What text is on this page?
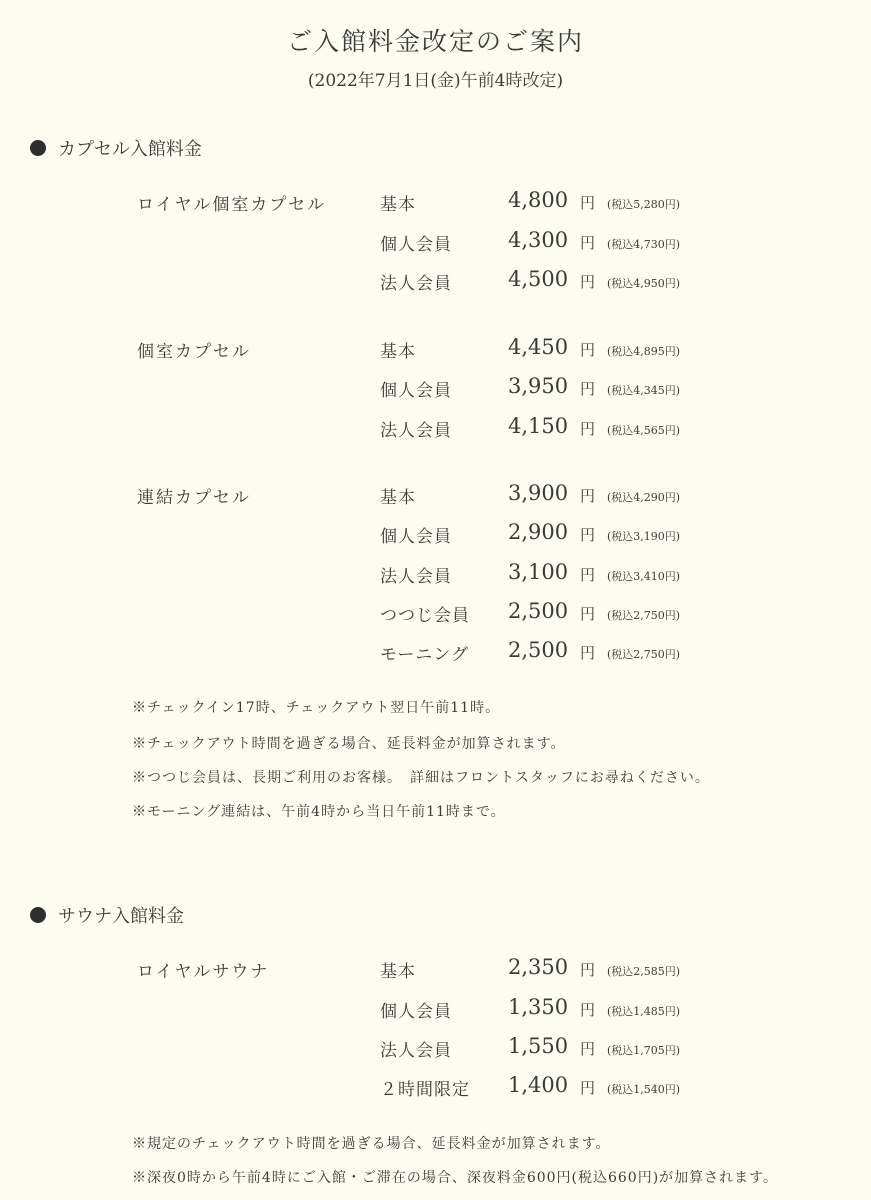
ご入館料金改定のご案内
(2022年7月1日(金)午前4時改定)
カプセル入館料金
ロイヤル個室カプセル	基本	4,800 円 (税込5,280円)
個人会員	4,300 円 (税込4,730円)
法人会員	4,500 円 (税込4,950円)
個室カプセル	基本	4,450 円 (税込4,895円)
個人会員	3,950 円 (税込4,345円)
法人会員	4,150 円 (税込4,565円)
連結カプセル	基本	3,900 円 (税込4,290円)
個人会員	2,900 円 (税込3,190円)
法人会員	3,100 円 (税込3,410円)
つつじ会員 2,500 円 (税込2,750円)
モーニング 2,500 円 (税込2,750円)
※チェックイン17時、チェックアウト翌日午前11時。
※チェックアウト時間を過ぎる場合、延長料金が加算されます。
※つつじ会員は、長期ご利用のお客様。　詳細はフロントスタッフにお尋ねください。
※モーニング連結は、午前4時から当日午前11時まで。
サウナ入館料金
ロイヤルサウナ	基本	2,350 円 (税込2,585円)
個人会員	1,350 円 (税込1,485円)
法人会員	1,550 円 (税込1,705円)
２時間限定 1,400 円 (税込1,540円)
※規定のチェックアウト時間を過ぎる場合、延長料金が加算されます。
※深夜0時から午前4時にご入館・ご滞在の場合、深夜料金600円(税込660円)が加算されます。
